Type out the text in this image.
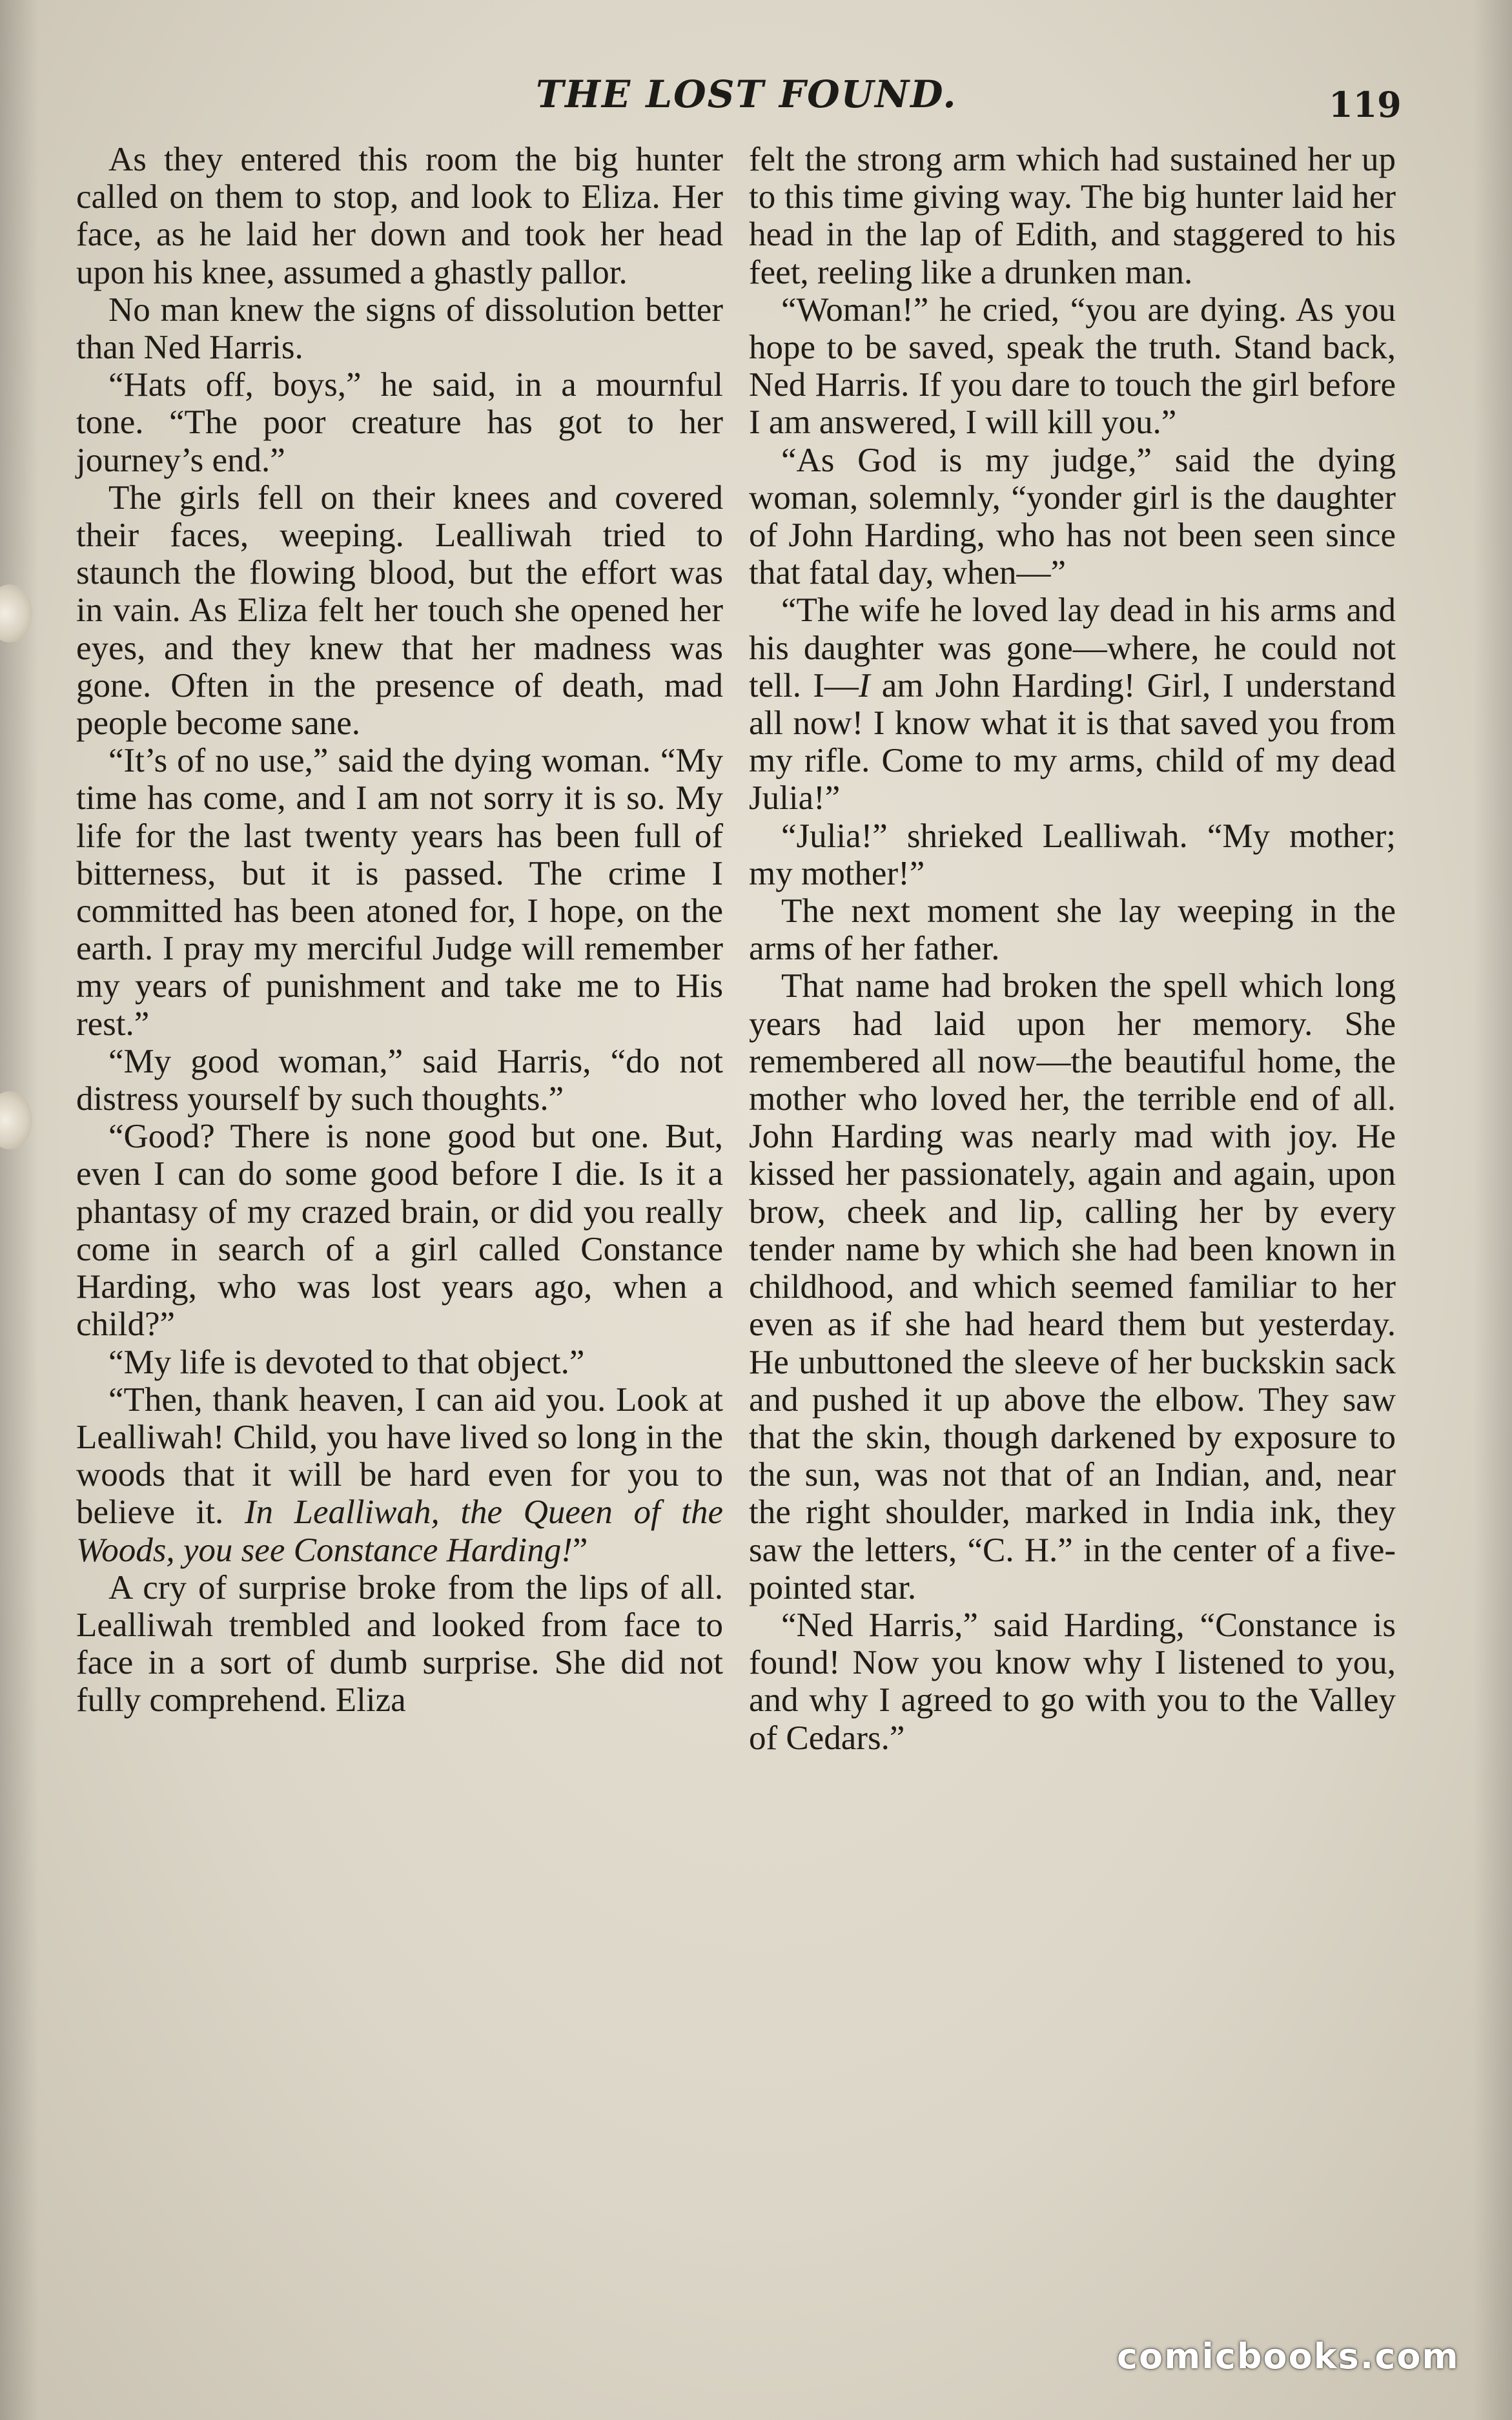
THE LOST FOUND.	119

As they entered this room the big hunter called on them to stop, and look to Eliza. Her face, as he laid her down and took her head upon his knee, assumed a ghastly pallor.

No man knew the signs of dissolution better than Ned Harris.

“Hats off, boys,” he said, in a mournful tone. “The poor creature has got to her journey’s end.”

The girls fell on their knees and covered their faces, weeping. Lealliwah tried to staunch the flowing blood, but the effort was in vain. As Eliza felt her touch she opened her eyes, and they knew that her madness was gone. Often in the presence of death, mad people become sane.

“It’s of no use,” said the dying woman. “My time has come, and I am not sorry it is so. My life for the last twenty years has been full of bitterness, but it is passed. The crime I committed has been atoned for, I hope, on the earth. I pray my merciful Judge will remember my years of punishment and take me to His rest.”

“My good woman,” said Harris, “do not distress yourself by such thoughts.”

“Good? There is none good but one. But, even I can do some good before I die. Is it a phantasy of my crazed brain, or did you really come in search of a girl called Constance Harding, who was lost years ago, when a child?”

“My life is devoted to that object.”

“Then, thank heaven, I can aid you. Look at Lealliwah! Child, you have lived so long in the woods that it will be hard even for you to believe it. In Lealliwah, the Queen of the Woods, you see Constance Harding!”

A cry of surprise broke from the lips of all. Lealliwah trembled and looked from face to face in a sort of dumb surprise. She did not fully comprehend. Eliza

felt the strong arm which had sustained her up to this time giving way. The big hunter laid her head in the lap of Edith, and staggered to his feet, reeling like a drunken man.

“Woman!” he cried, “you are dying. As you hope to be saved, speak the truth. Stand back, Ned Harris. If you dare to touch the girl before I am answered, I will kill you.”

“As God is my judge,” said the dying woman, solemnly, “yonder girl is the daughter of John Harding, who has not been seen since that fatal day, when—”

“The wife he loved lay dead in his arms and his daughter was gone—where, he could not tell. I—I am John Harding! Girl, I understand all now! I know what it is that saved you from my rifle. Come to my arms, child of my dead Julia!”

“Julia!” shrieked Lealliwah. “My mother; my mother!”

The next moment she lay weeping in the arms of her father.

That name had broken the spell which long years had laid upon her memory. She remembered all now—the beautiful home, the mother who loved her, the terrible end of all. John Harding was nearly mad with joy. He kissed her passionately, again and again, upon brow, cheek and lip, calling her by every tender name by which she had been known in childhood, and which seemed familiar to her even as if she had heard them but yesterday. He unbuttoned the sleeve of her buckskin sack and pushed it up above the elbow. They saw that the skin, though darkened by exposure to the sun, was not that of an Indian, and, near the right shoulder, marked in India ink, they saw the letters, “C. H.” in the center of a five-pointed star.

“Ned Harris,” said Harding, “Constance is found! Now you know why I listened to you, and why I agreed to go with you to the Valley of Cedars.”

comicbooks.com
